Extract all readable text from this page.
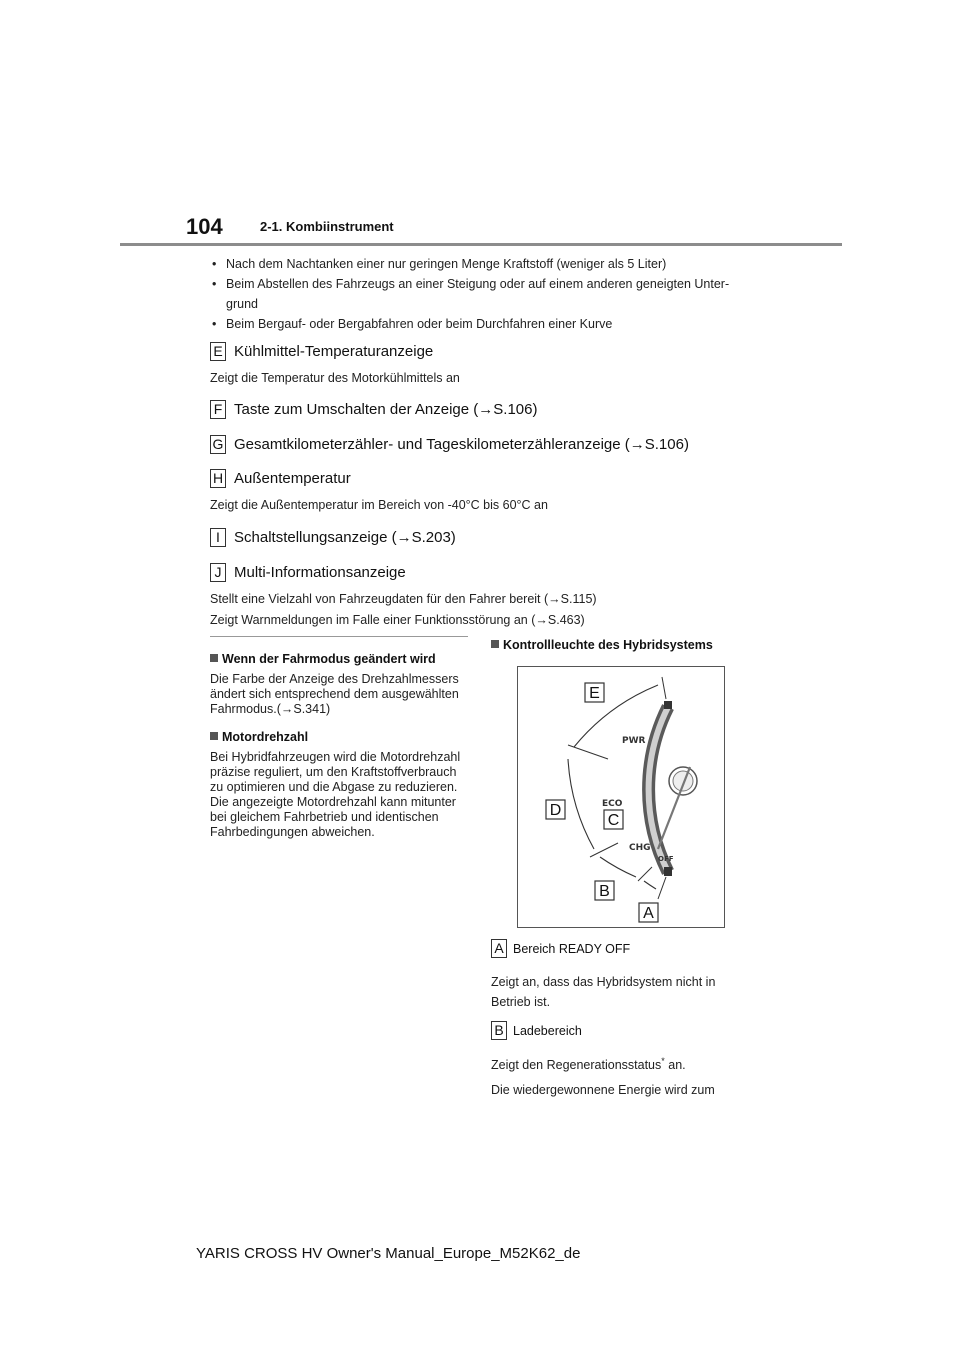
104	2-1. Kombiinstrument
• Nach dem Nachtanken einer nur geringen Menge Kraftstoff (weniger als 5 Liter)
• Beim Abstellen des Fahrzeugs an einer Steigung oder auf einem anderen geneigten Unter-
grund
• Beim Bergauf- oder Bergabfahren oder beim Durchfahren einer Kurve
E Kühlmittel-Temperaturanzeige
Zeigt die Temperatur des Motorkühlmittels an
F Taste zum Umschalten der Anzeige (→S.106)
G Gesamtkilometerzähler- und Tageskilometerzähleranzeige (→S.106)
H Außentemperatur
Zeigt die Außentemperatur im Bereich von -40°C bis 60°C an
I Schaltstellungsanzeige (→S.203)
J Multi-Informationsanzeige
Stellt eine Vielzahl von Fahrzeugdaten für den Fahrer bereit (→S.115)
Zeigt Warnmeldungen im Falle einer Funktionsstörung an (→S.463)
Wenn der Fahrmodus geändert wird
Die Farbe der Anzeige des Drehzahlmessers
ändert sich entsprechend dem ausgewählten
Fahrmodus.(→S.341)
Motordrehzahl
Bei Hybridfahrzeugen wird die Motordrehzahl
präzise reguliert, um den Kraftstoffverbrauch
zu optimieren und die Abgase zu reduzieren.
Die angezeigte Motordrehzahl kann mitunter
bei gleichem Fahrbetrieb und identischen
Fahrbedingungen abweichen.
Kontrollleuchte des Hybridsystems
PWR
ECO
CHG
OFF
E
D
C
B
A
A Bereich READY OFF
Zeigt an, dass das Hybridsystem nicht in
Betrieb ist.
B Ladebereich
Zeigt den Regenerationsstatus* an.
Die wiedergewonnene Energie wird zum
YARIS CROSS HV Owner's Manual_Europe_M52K62_de
